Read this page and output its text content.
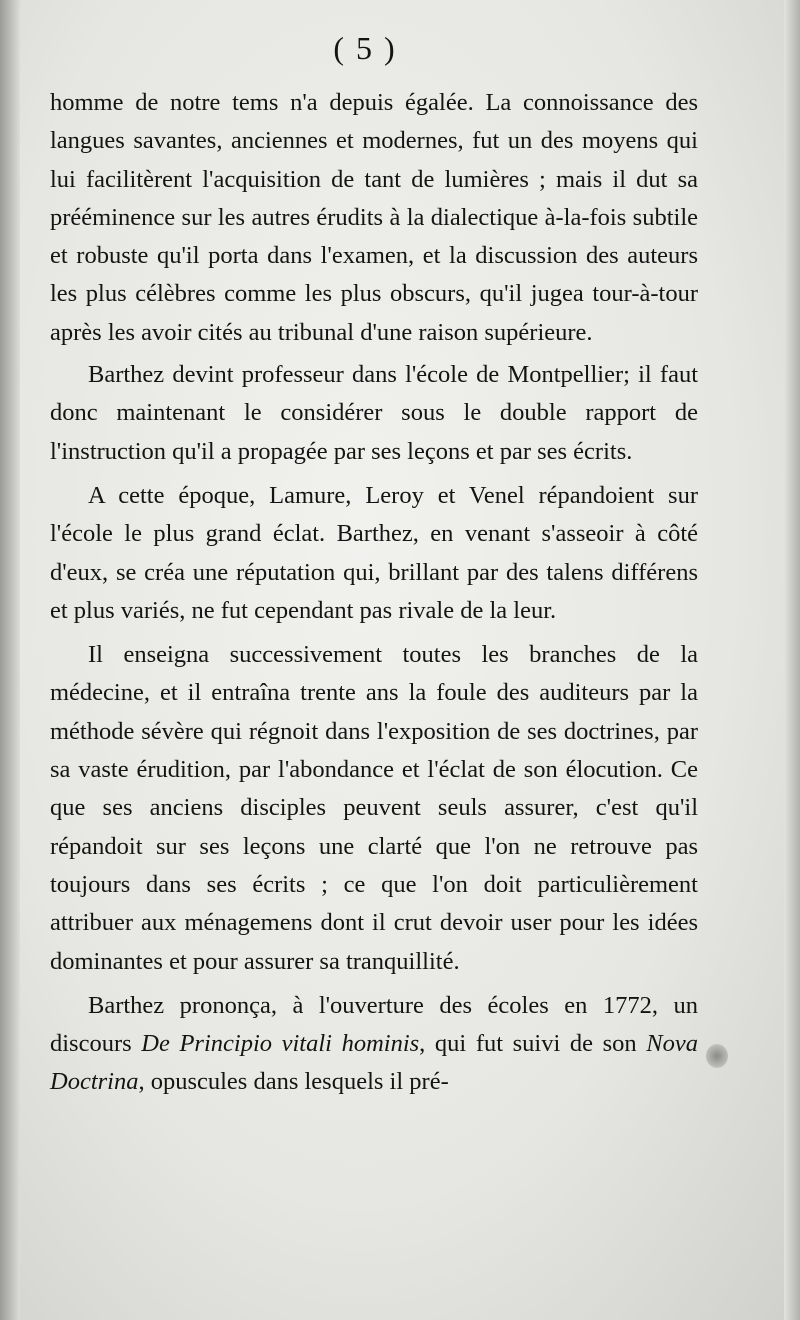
( 5 )

homme de notre tems n'a depuis égalée. La connoissance des langues savantes, anciennes et modernes, fut un des moyens qui lui facilitèrent l'acquisition de tant de lumières ; mais il dut sa prééminence sur les autres érudits à la dialectique à-la-fois subtile et robuste qu'il porta dans l'examen, et la discussion des auteurs les plus célèbres comme les plus obscurs, qu'il jugea tour-à-tour après les avoir cités au tribunal d'une raison supérieure.

Barthez devint professeur dans l'école de Montpellier; il faut donc maintenant le considérer sous le double rapport de l'instruction qu'il a propagée par ses leçons et par ses écrits.

A cette époque, Lamure, Leroy et Venel répandoient sur l'école le plus grand éclat. Barthez, en venant s'asseoir à côté d'eux, se créa une réputation qui, brillant par des talens différens et plus variés, ne fut cependant pas rivale de la leur.

Il enseigna successivement toutes les branches de la médecine, et il entraîna trente ans la foule des auditeurs par la méthode sévère qui régnoit dans l'exposition de ses doctrines, par sa vaste érudition, par l'abondance et l'éclat de son élocution. Ce que ses anciens disciples peuvent seuls assurer, c'est qu'il répandoit sur ses leçons une clarté que l'on ne retrouve pas toujours dans ses écrits ; ce que l'on doit particulièrement attribuer aux ménagemens dont il crut devoir user pour les idées dominantes et pour assurer sa tranquillité.

Barthez prononça, à l'ouverture des écoles en 1772, un discours De Principio vitali hominis, qui fut suivi de son Nova Doctrina, opuscules dans lesquels il pré-
